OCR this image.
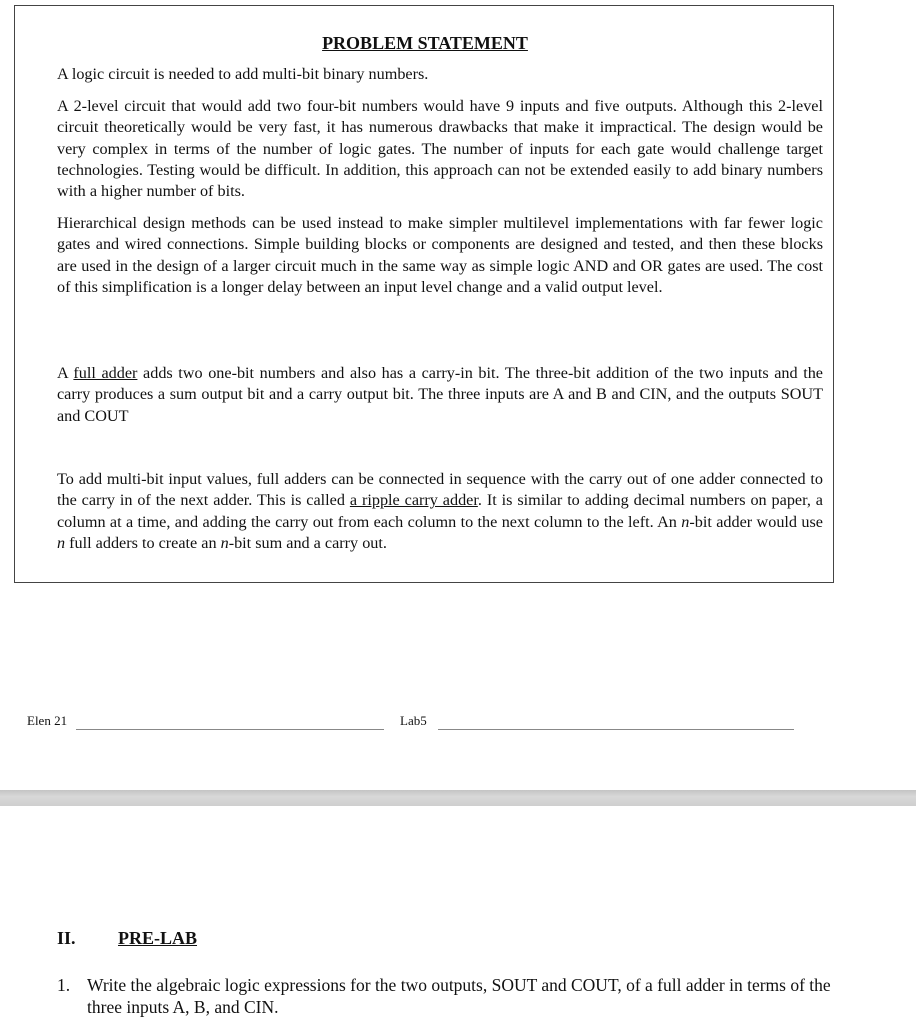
PROBLEM STATEMENT
A logic circuit is needed to add multi-bit binary numbers.
A 2-level circuit that would add two four-bit numbers would have 9 inputs and five outputs. Although this 2-level circuit theoretically would be very fast, it has numerous drawbacks that make it impractical. The design would be very complex in terms of the number of logic gates. The number of inputs for each gate would challenge target technologies. Testing would be difficult. In addition, this approach can not be extended easily to add binary numbers with a higher number of bits.
Hierarchical design methods can be used instead to make simpler multilevel implementations with far fewer logic gates and wired connections. Simple building blocks or components are designed and tested, and then these blocks are used in the design of a larger circuit much in the same way as simple logic AND and OR gates are used. The cost of this simplification is a longer delay between an input level change and a valid output level.
A full adder adds two one-bit numbers and also has a carry-in bit. The three-bit addition of the two inputs and the carry produces a sum output bit and a carry output bit. The three inputs are A and B and CIN, and the outputs SOUT and COUT
To add multi-bit input values, full adders can be connected in sequence with the carry out of one adder connected to the carry in of the next adder. This is called a ripple carry adder. It is similar to adding decimal numbers on paper, a column at a time, and adding the carry out from each column to the next column to the left. An n-bit adder would use n full adders to create an n-bit sum and a carry out.
Elen 21	Lab5
II. PRE-LAB
1. Write the algebraic logic expressions for the two outputs, SOUT and COUT, of a full adder in terms of the three inputs A, B, and CIN.
